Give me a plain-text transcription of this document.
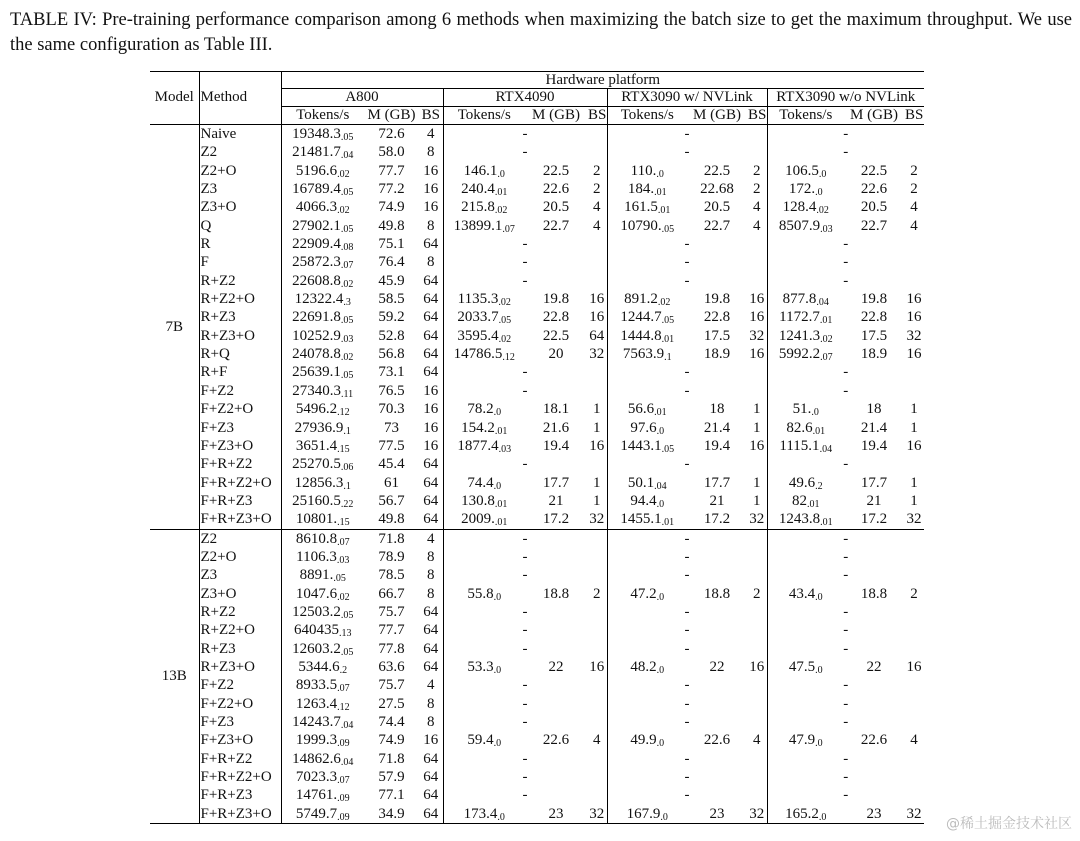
TABLE IV: Pre-training performance comparison among 6 methods when maximizing the batch size to get the maximum throughput. We use the same configuration as Table III.
		Hardware platform											
Model	Method	A800			RTX4090			RTX3090 w/ NVLink			RTX3090 w/o NVLink		
		Tokens/s	M (GB)	BS	Tokens/s	M (GB)	BS	Tokens/s	M (GB)	BS	Tokens/s	M (GB)	BS
7B	Naive	$19348.3_{.05}$	72.6	4	-			-			-		
	Z2	$21481.7_{.04}$	58.0	8	-			-			-		
	Z2+O	$5196.6_{.02}$	77.7	16	$146.1_{.0}$	22.5	2	$110._{.0}$	22.5	2	$106.5_{.0}$	22.5	2
	Z3	$16789.4_{.05}$	77.2	16	$240.4_{.01}$	22.6	2	$184._{.01}$	22.68	2	$172._{.0}$	22.6	2
	Z3+O	$4066.3_{.02}$	74.9	16	$215.8_{.02}$	20.5	4	$161.5_{.01}$	20.5	4	$128.4_{.02}$	20.5	4
	Q	$27902.1_{.05}$	49.8	8	$13899.1_{.07}$	22.7	4	$10790._{.05}$	22.7	4	$8507.9_{.03}$	22.7	4
	R	$22909.4_{.08}$	75.1	64	-			-			-		
	F	$25872.3_{.07}$	76.4	8	-			-			-		
	R+Z2	$22608.8_{.02}$	45.9	64	-			-			-		
	R+Z2+O	$12322.4_{.3}$	58.5	64	$1135.3_{.02}$	19.8	16	$891.2_{.02}$	19.8	16	$877.8_{.04}$	19.8	16
	R+Z3	$22691.8_{.05}$	59.2	64	$2033.7_{.05}$	22.8	16	$1244.7_{.05}$	22.8	16	$1172.7_{.01}$	22.8	16
	R+Z3+O	$10252.9_{.03}$	52.8	64	$3595.4_{.02}$	22.5	64	$1444.8_{.01}$	17.5	32	$1241.3_{.02}$	17.5	32
	R+Q	$24078.8_{.02}$	56.8	64	$14786.5_{.12}$	20	32	$7563.9_{.1}$	18.9	16	$5992.2_{.07}$	18.9	16
	R+F	$25639.1_{.05}$	73.1	64	-			-			-		
	F+Z2	$27340.3_{.11}$	76.5	16	-			-			-		
	F+Z2+O	$5496.2_{.12}$	70.3	16	$78.2_{.0}$	18.1	1	$56.6_{.01}$	18	1	$51._{.0}$	18	1
	F+Z3	$27936.9_{.1}$	73	16	$154.2_{.01}$	21.6	1	$97.6_{.0}$	21.4	1	$82.6_{.01}$	21.4	1
	F+Z3+O	$3651.4_{.15}$	77.5	16	$1877.4_{.03}$	19.4	16	$1443.1_{.05}$	19.4	16	$1115.1_{.04}$	19.4	16
	F+R+Z2	$25270.5_{.06}$	45.4	64	-			-			-		
	F+R+Z2+O	$12856.3_{.1}$	61	64	$74.4_{.0}$	17.7	1	$50.1_{.04}$	17.7	1	$49.6_{.2}$	17.7	1
	F+R+Z3	$25160.5_{.22}$	56.7	64	$130.8_{.01}$	21	1	$94.4_{.0}$	21	1	$82_{.01}$	21	1
	F+R+Z3+O	$10801._{.15}$	49.8	64	$2009._{.01}$	17.2	32	$1455.1_{.01}$	17.2	32	$1243.8_{.01}$	17.2	32
13B	Z2	$8610.8_{.07}$	71.8	4	-			-			-		
	Z2+O	$1106.3_{.03}$	78.9	8	-			-			-		
	Z3	$8891._{.05}$	78.5	8	-			-			-		
	Z3+O	$1047.6_{.02}$	66.7	8	$55.8_{.0}$	18.8	2	$47.2_{.0}$	18.8	2	$43.4_{.0}$	18.8	2
	R+Z2	$12503.2_{.05}$	75.7	64	-			-			-		
	R+Z2+O	$640435_{.13}$	77.7	64	-			-			-		
	R+Z3	$12603.2_{.05}$	77.8	64	-			-			-		
	R+Z3+O	$5344.6_{.2}$	63.6	64	$53.3_{.0}$	22	16	$48.2_{.0}$	22	16	$47.5_{.0}$	22	16
	F+Z2	$8933.5_{.07}$	75.7	4	-			-			-		
	F+Z2+O	$1263.4_{.12}$	27.5	8	-			-			-		
	F+Z3	$14243.7_{.04}$	74.4	8	-			-			-		
	F+Z3+O	$1999.3_{.09}$	74.9	16	$59.4_{.0}$	22.6	4	$49.9_{.0}$	22.6	4	$47.9_{.0}$	22.6	4
	F+R+Z2	$14862.6_{.04}$	71.8	64	-			-			-		
	F+R+Z2+O	$7023.3_{.07}$	57.9	64	-			-			-		
	F+R+Z3	$14761._{.09}$	77.1	64	-			-			-		
	F+R+Z3+O	$5749.7_{.09}$	34.9	64	$173.4_{.0}$	23	32	$167.9_{.0}$	23	32	$165.2_{.0}$	23	32
@稀土掘金技术社区
